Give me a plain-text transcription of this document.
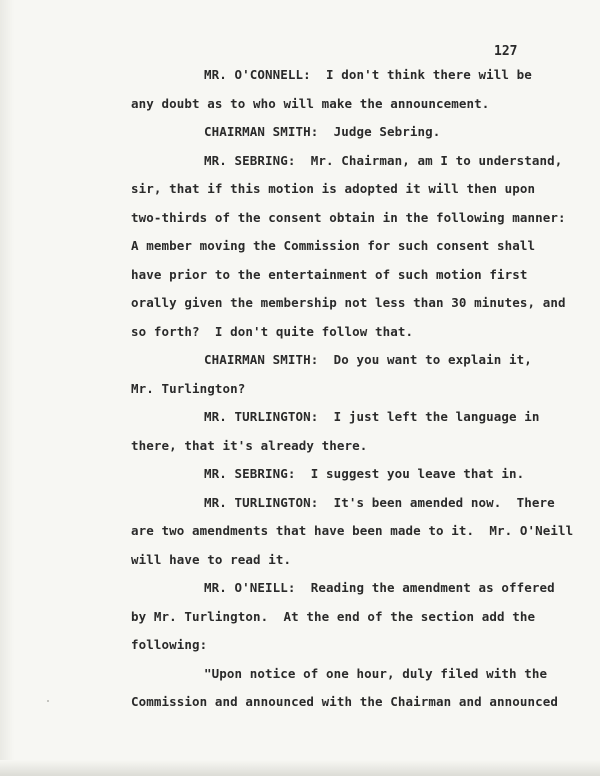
127
MR. O'CONNELL:  I don't think there will be
any doubt as to who will make the announcement.
CHAIRMAN SMITH:  Judge Sebring.
MR. SEBRING:  Mr. Chairman, am I to understand,
sir, that if this motion is adopted it will then upon
two-thirds of the consent obtain in the following manner:
A member moving the Commission for such consent shall
have prior to the entertainment of such motion first
orally given the membership not less than 30 minutes, and
so forth?  I don't quite follow that.
CHAIRMAN SMITH:  Do you want to explain it,
Mr. Turlington?
MR. TURLINGTON:  I just left the language in
there, that it's already there.
MR. SEBRING:  I suggest you leave that in.
MR. TURLINGTON:  It's been amended now.  There
are two amendments that have been made to it.  Mr. O'Neill
will have to read it.
MR. O'NEILL:  Reading the amendment as offered
by Mr. Turlington.  At the end of the section add the
following:
"Upon notice of one hour, duly filed with the
Commission and announced with the Chairman and announced
